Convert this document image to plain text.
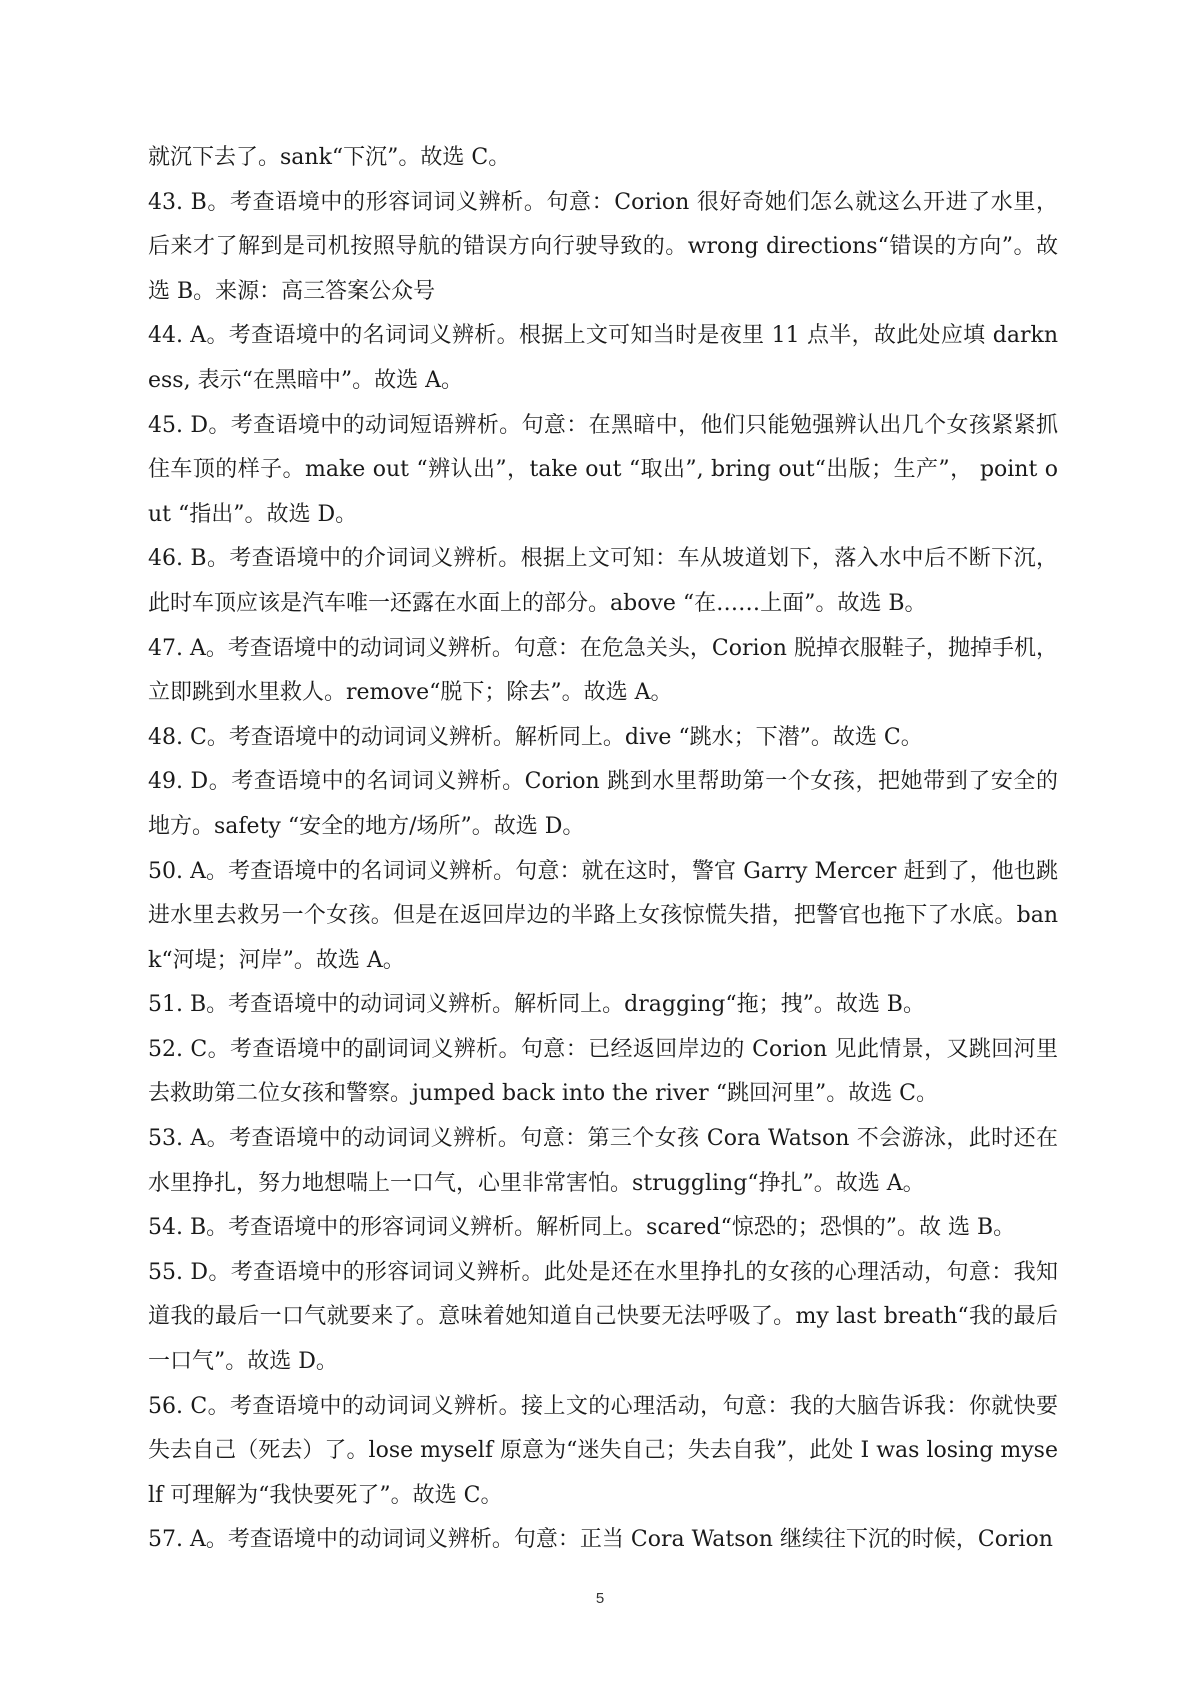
就沉下去了。sank“下沉”。故选 C。

43. B。考查语境中的形容词词义辨析。句意：Corion 很好奇她们怎么就这么开进了水里，后来才了解到是司机按照导航的错误方向行驶导致的。wrong directions“错误的方向”。故选 B。来源：高三答案公众号

44. A。考查语境中的名词词义辨析。根据上文可知当时是夜里 11 点半，故此处应填 darkness, 表示“在黑暗中”。故选 A。

45. D。考查语境中的动词短语辨析。句意：在黑暗中，他们只能勉强辨认出几个女孩紧紧抓住车顶的样子。make out “辨认出”，take out “取出”, bring out“出版；生产”， point out “指出”。故选 D。

46. B。考查语境中的介词词义辨析。根据上文可知：车从坡道划下，落入水中后不断下沉，此时车顶应该是汽车唯一还露在水面上的部分。above “在……上面”。故选 B。

47. A。考查语境中的动词词义辨析。句意：在危急关头，Corion 脱掉衣服鞋子，抛掉手机，立即跳到水里救人。remove“脱下；除去”。故选 A。

48. C。考查语境中的动词词义辨析。解析同上。dive “跳水；下潜”。故选 C。

49. D。考查语境中的名词词义辨析。Corion 跳到水里帮助第一个女孩，把她带到了安全的地方。safety “安全的地方/场所”。故选 D。

50. A。考查语境中的名词词义辨析。句意：就在这时，警官 Garry Mercer 赶到了，他也跳进水里去救另一个女孩。但是在返回岸边的半路上女孩惊慌失措，把警官也拖下了水底。bank“河堤；河岸”。故选 A。

51. B。考查语境中的动词词义辨析。解析同上。dragging“拖；拽”。故选 B。

52. C。考查语境中的副词词义辨析。句意：已经返回岸边的 Corion 见此情景，又跳回河里去救助第二位女孩和警察。jumped back into the river “跳回河里”。故选 C。

53. A。考查语境中的动词词义辨析。句意：第三个女孩 Cora Watson 不会游泳，此时还在水里挣扎，努力地想喘上一口气，心里非常害怕。struggling“挣扎”。故选 A。

54. B。考查语境中的形容词词义辨析。解析同上。scared“惊恐的；恐惧的”。故 选 B。

55. D。考查语境中的形容词词义辨析。此处是还在水里挣扎的女孩的心理活动，句意：我知道我的最后一口气就要来了。意味着她知道自己快要无法呼吸了。my last breath“我的最后一口气”。故选 D。

56. C。考查语境中的动词词义辨析。接上文的心理活动，句意：我的大脑告诉我：你就快要失去自己（死去）了。lose myself 原意为“迷失自己；失去自我”，此处 I was losing myself 可理解为“我快要死了”。故选 C。

57. A。考查语境中的动词词义辨析。句意：正当 Cora Watson 继续往下沉的时候，Corion

5
